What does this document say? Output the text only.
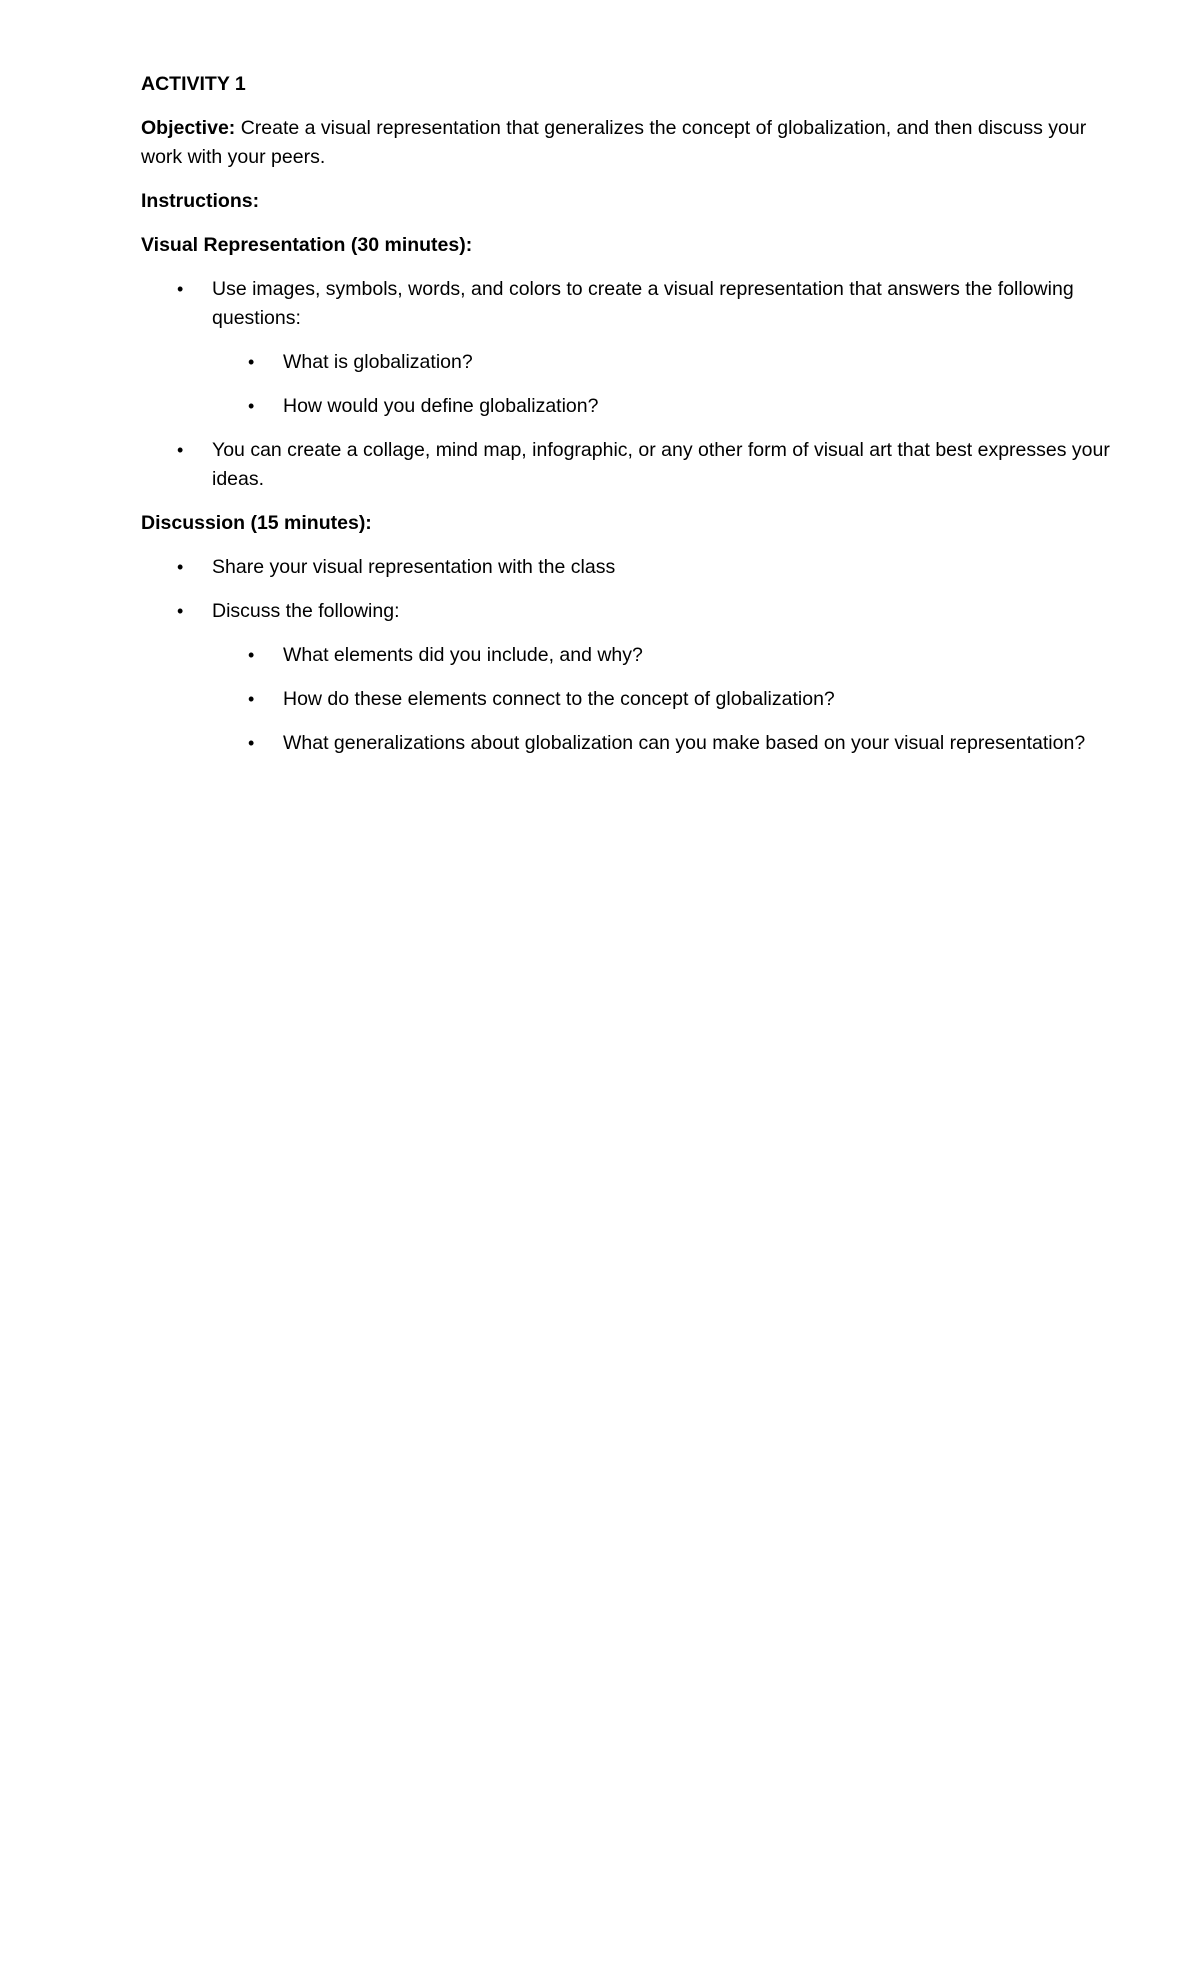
ACTIVITY 1

Objective: Create a visual representation that generalizes the concept of globalization, and then discuss your work with your peers.

Instructions:

Visual Representation (30 minutes):

• Use images, symbols, words, and colors to create a visual representation that answers the following questions:
• What is globalization?
• How would you define globalization?
• You can create a collage, mind map, infographic, or any other form of visual art that best expresses your ideas.

Discussion (15 minutes):

• Share your visual representation with the class
• Discuss the following:
• What elements did you include, and why?
• How do these elements connect to the concept of globalization?
• What generalizations about globalization can you make based on your visual representation?
